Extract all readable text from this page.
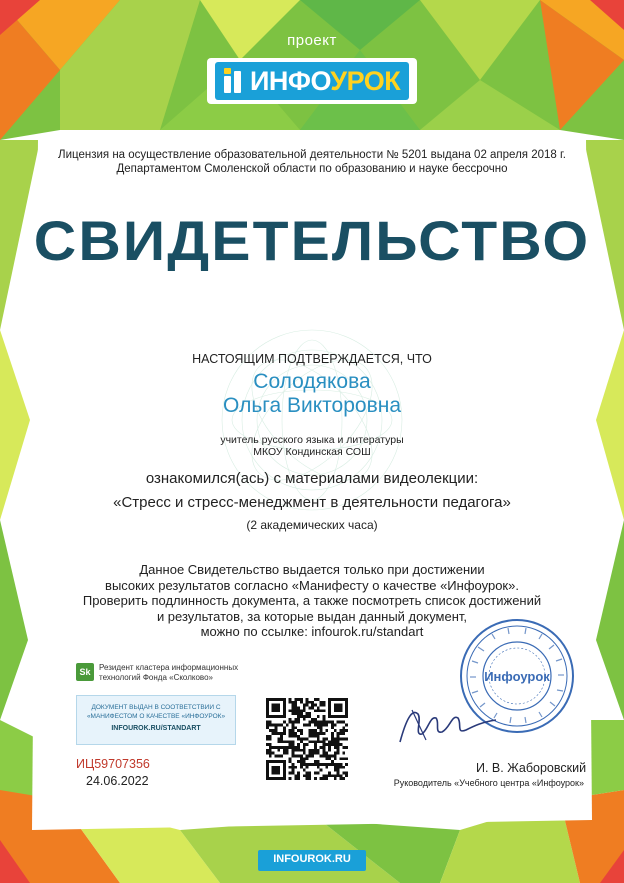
проект
ИНФОУРОК
Лицензия на осуществление образовательной деятельности № 5201 выдана 02 апреля 2018 г.
Департаментом Смоленской области по образованию и науке бессрочно
СВИДЕТЕЛЬСТВО
НАСТОЯЩИМ ПОДТВЕРЖДАЕТСЯ, ЧТО
Солодякова
Ольга Викторовна
учитель русского языка и литературы
МКОУ Кондинская СОШ
ознакомился(ась) с материалами видеолекции:
«Стресс и стресс-менеджмент в деятельности педагога»
(2 академических часа)
Данное Свидетельство выдается только при достижении
высоких результатов согласно «Манифесту о качестве «Инфоурок».
Проверить подлинность документа, а также посмотреть список достижений
и результатов, за которые выдан данный документ,
можно по ссылке: infourok.ru/standart
Sk	Резидент кластера информационных
технологий Фонда «Сколково»
ДОКУМЕНТ ВЫДАН В СООТВЕТСТВИИ С
«МАНИФЕСТОМ О КАЧЕСТВЕ «ИНФОУРОК»
INFOUROK.RU/STANDART
ИЦ59707356
24.06.2022
Инфоурок
И. В. Жаборовский
Руководитель «Учебного центра «Инфоурок»
INFOUROK.RU
